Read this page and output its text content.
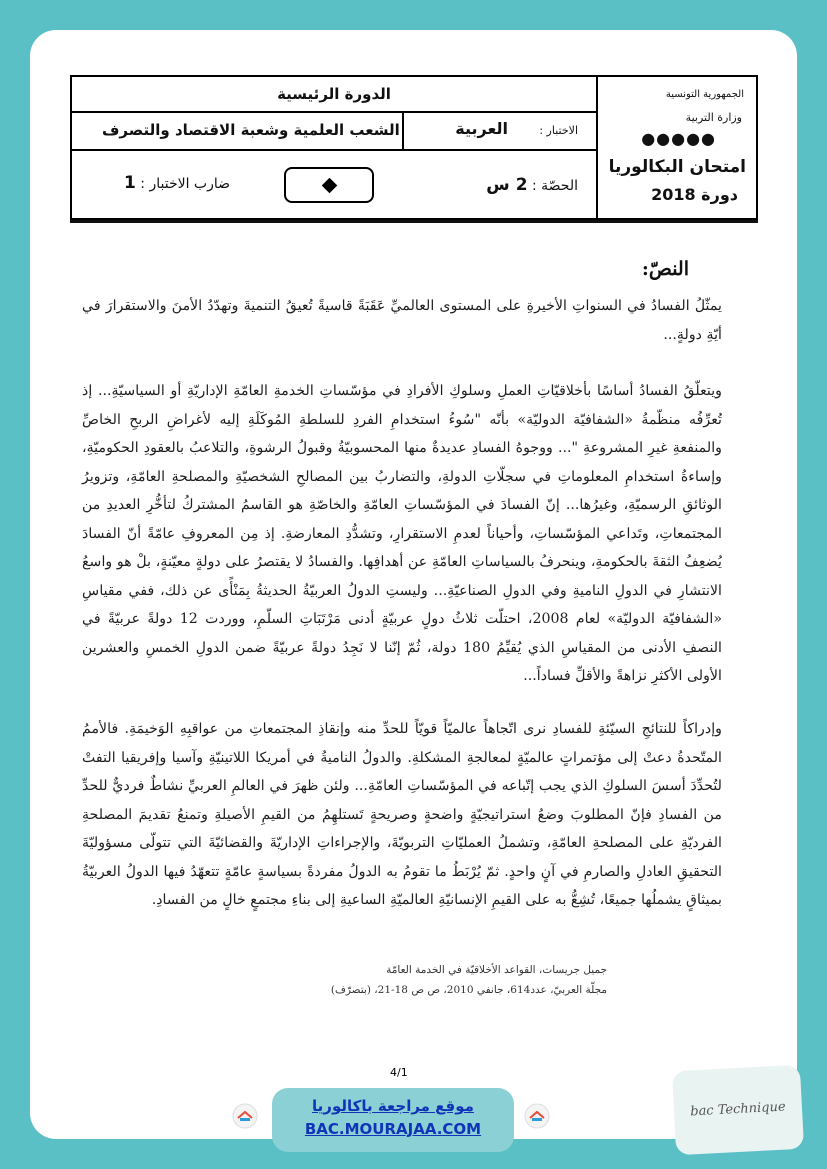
الجمهورية التونسية
وزارة التربية
●●●●●
امتحان البكالوريا
دورة 2018
الدورة الرئيسية
الاختبار :
العربية
الشعب العلمية وشعبة الاقتصاد والتصرف
الحصّة : 2 س
ضارب الاختبار : 1
النصّ:
يمثّلُ الفسادُ في السنواتِ الأخيرةِ على المستوى العالميِّ عَقَبَةً قاسيةً تُعيقُ التنميةَ وتهدّدُ الأمنَ والاستقرارَ في أيّةِ دولةٍ...
ويتعلّقُ الفسادُ أساسًا بأخلاقيّاتِ العملِ وسلوكِ الأفرادِ في مؤسّساتِ الخدمةِ العامّةِ الإداريّةِ أو السياسيّةِ... إذ تُعرِّفُه منظّمةُ «الشفافيّة الدوليّة» بأنّه "سُوءُ استخدامِ الفردِ للسلطةِ المُوكَلَةِ إليه لأغراضِ الربحِ الخاصِّ والمنفعةِ غيرِ المشروعةِ "... ووجوهُ الفسادِ عديدةٌ منها المحسوبيّةُ وقبولُ الرشوةِ، والتلاعبُ بالعقودِ الحكوميّةِ، وإساءةُ استخدامِ المعلوماتِ في سجلّاتِ الدولةِ، والتضاربُ بين المصالحِ الشخصيّةِ والمصلحةِ العامّةِ، وتزويرُ الوثائقِ الرسميّةِ، وغيرُها... إنّ الفسادَ في المؤسّساتِ العامّةِ والخاصّةِ هو القاسمُ المشتركُ لتأخُّرِ العديدِ من المجتمعاتِ، وتَداعي المؤسّساتِ، وأحياناً لعدمِ الاستقرارِ، وتشدُّدِ المعارضةِ. إذ مِن المعروفِ عامّةً أنّ الفسادَ يُضعِفُ الثقةَ بالحكومةِ، وينحرفُ بالسياساتِ العامّةِ عن أهدافِها. والفسادُ لا يقتصرُ على دولةٍ معيّنةٍ، بلْ هو واسعُ الانتشارِ في الدولِ الناميةِ وفي الدولِ الصناعيّةِ... وليستِ الدولُ العربيّةُ الحديثةُ بِمَنْأًى عن ذلك، ففي مقياسِ «الشفافيّة الدوليّة» لعام 2008، احتلّت ثلاثُ دولٍ عربيّةٍ أدنى مَرْتَبَاتِ السلّمِ، ووردت 12 دولةً عربيّةً في النصفِ الأدنى من المقياسِ الذي يُقيِّمُ 180 دولة، ثُمّ إنّنا لا نَجِدُ دولةً عربيّةً ضمن الدولِ الخمسِ والعشرين الأولى الأكثرِ نزاهةً والأقلِّ فساداً...
وإدراكاً للنتائجِ السيّئةِ للفسادِ نرى اتّجاهاً عالميّاً قويّاً للحدِّ منه وإنقاذِ المجتمعاتِ من عواقبِهِ الوَخيمَةِ. فالأممُ المتّحدةُ دعتْ إلى مؤتمراتٍ عالميّةٍ لمعالجةِ المشكلةِ. والدولُ الناميةُ في أمريكا اللاتينيّةِ وآسيا وإفريقيا التفتْ لتُحدِّدَ أسسَ السلوكِ الذي يجب إتّباعه في المؤسّساتِ العامّةِ... ولئن ظهرَ في العالمِ العربيِّ نشاطٌ فرديٌّ للحدِّ من الفسادِ فإنّ المطلوبَ وضعُ استراتيجيّةٍ واضحةٍ وصريحةٍ تَستلهِمُ من القيمِ الأصيلةِ وتمنعُ تقديمَ المصلحةِ الفرديّةِ على المصلحةِ العامّةِ، وتشملُ العمليّاتِ التربويّةَ، والإجراءاتِ الإداريّةَ والقضائيّةَ التي تتولّى مسؤوليّةَ التحقيقِ العادلِ والصارمِ في آنٍ واحدٍ. ثمّ يُرْبَطُ ما تقومُ به الدولُ مفردةً بسياسةٍ عامّةٍ تتعهّدُ فيها الدولُ العربيّةُ بميثاقٍ يشملُها جميعًا، تُشِعُّ به على القيمِ الإنسانيّةِ العالميّةِ الساعيةِ إلى بناءِ مجتمعٍ خالٍ من الفسادِ.
جميل جريسات، القواعد الأخلاقيّة في الخدمة العامّة
مجلّة العربيّ، عدد614، جانفي 2010، ص ص 18-21، (بتصرّف)
4/1
موقع مراجعة باكالوريا
BAC.MOURAJAA.COM
bac Technique
